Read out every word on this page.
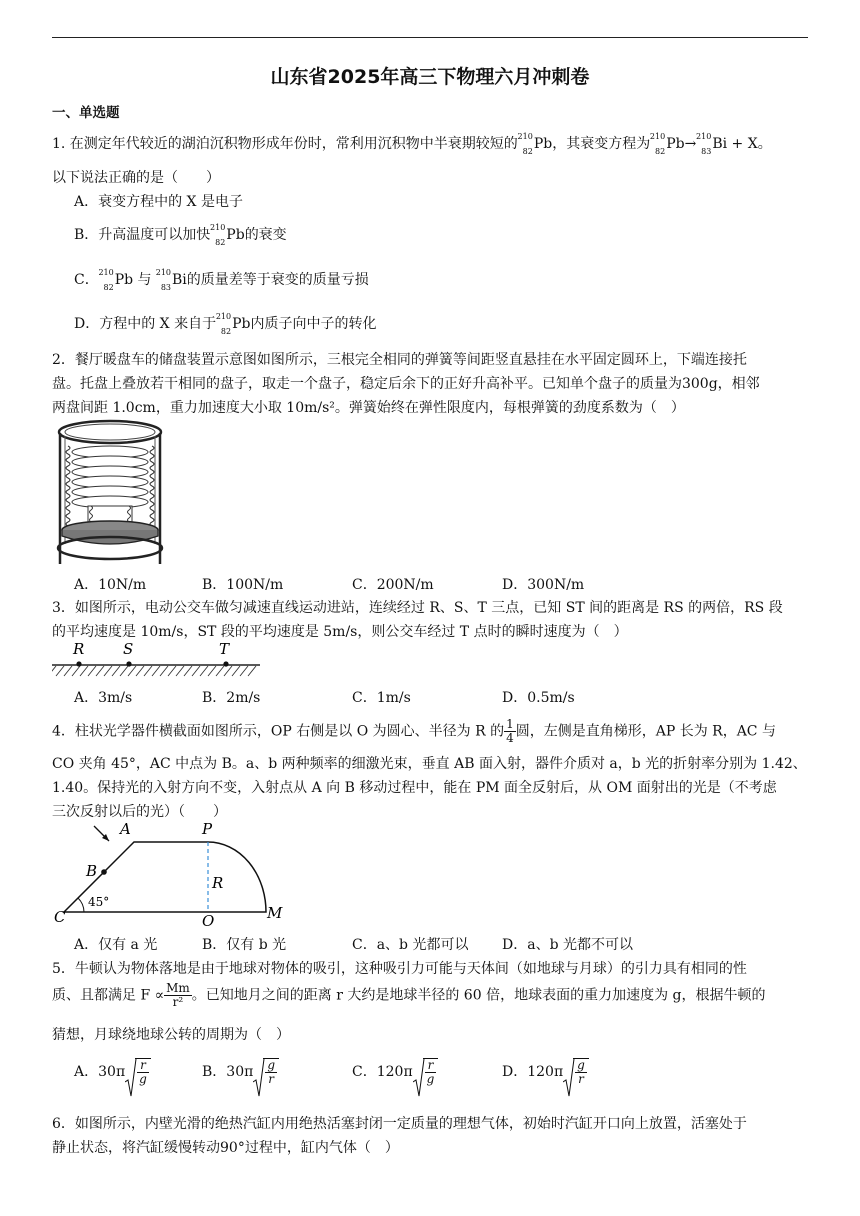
山东省2025年高三下物理六月冲刺卷
一、单选题
1. 在测定年代较近的湖泊沉积物形成年份时，常利用沉积物中半衰期较短的 210
82 Pb，其衰变方程为 210
82 Pb→ 210
83 Bi + X。
以下说法正确的是（　　）
A．衰变方程中的 X 是电子
B．升高温度可以加快 210
82 Pb的衰变
C． 210
82 Pb 与 210
83 Bi的质量差等于衰变的质量亏损
D．方程中的 X 来自于 210
82 Pb内质子向中子的转化
2．餐厅暖盘车的储盘装置示意图如图所示，三根完全相同的弹簧等间距竖直悬挂在水平固定圆环上，下端连接托
盘。托盘上叠放若干相同的盘子，取走一个盘子，稳定后余下的正好升高补平。已知单个盘子的质量为300g，相邻
两盘间距 1.0cm，重力加速度大小取 10m/s²。弹簧始终在弹性限度内，每根弹簧的劲度系数为（　）
A．10N/m	B．100N/m	C．200N/m	D．300N/m
3．如图所示，电动公交车做匀减速直线运动进站，连续经过 R、S、T 三点，已知 ST 间的距离是 RS 的两倍，RS 段
的平均速度是 10m/s，ST 段的平均速度是 5m/s，则公交车经过 T 点时的瞬时速度为（　）
R	S	T
A．3m/s	B．2m/s	C．1m/s	D．0.5m/s
4．柱状光学器件横截面如图所示，OP 右侧是以 O 为圆心、半径为 R 的 $\frac{1}{4}$ 圆，左侧是直角梯形，AP 长为 R，AC 与
CO 夹角 45°，AC 中点为 B。a、b 两种频率的细激光束，垂直 AB 面入射，器件介质对 a，b 光的折射率分别为 1.42、
1.40。保持光的入射方向不变，入射点从 A 向 B 移动过程中，能在 PM 面全反射后，从 OM 面射出的光是（不考虑
三次反射以后的光）（　　）
A	P
B
R
C	O	M
45°
A．仅有 a 光	B．仅有 b 光	C．a、b 光都可以 D．a、b 光都不可以
5．牛顿认为物体落地是由于地球对物体的吸引，这种吸引力可能与天体间（如地球与月球）的引力具有相同的性
质、且都满足 $F \propto \frac{Mm}{\text{r²}}$ 。已知地月之间的距离 r 大约是地球半径的 60 倍，地球表面的重力加速度为 g，根据牛顿的
猜想，月球绕地球公转的周期为（　）
A．$30\pi \frac{r}{g}$	B．$30\pi \frac{g}{r}$	C．$120\pi \frac{r}{g}$	D．$120\pi \frac{g}{r}$
6．如图所示，内壁光滑的绝热汽缸内用绝热活塞封闭一定质量的理想气体，初始时汽缸开口向上放置，活塞处于
静止状态，将汽缸缓慢转动90°过程中，缸内气体（　）
